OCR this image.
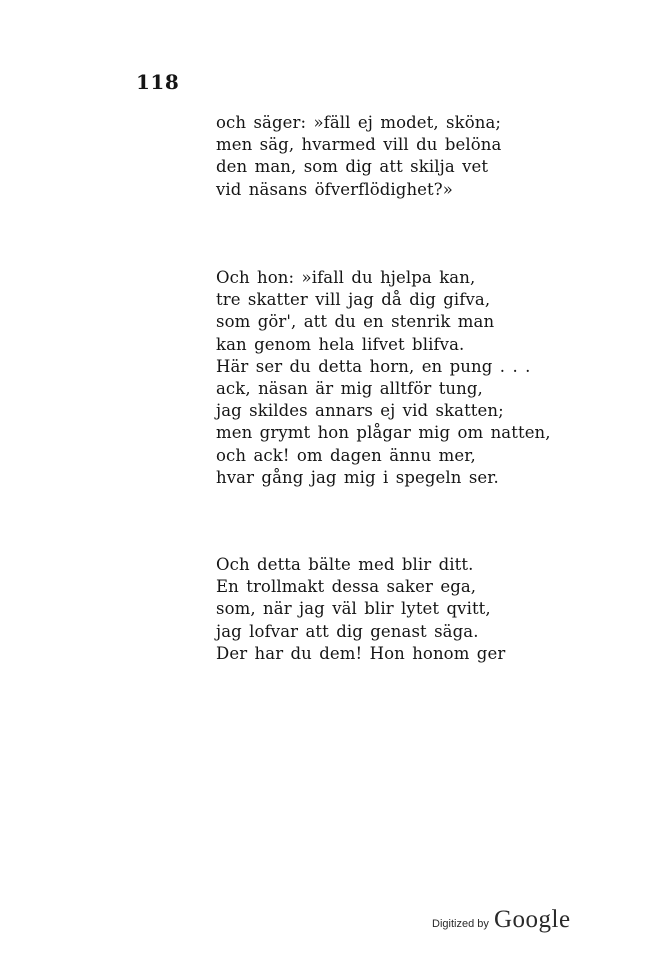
118
och säger: »fäll ej modet, sköna;
men säg, hvarmed vill du belöna
den man, som dig att skilja vet
vid näsans öfverflödighet?»
Och hon: »ifall du hjelpa kan,
tre skatter vill jag då dig gifva,
som gör', att du en stenrik man
kan genom hela lifvet blifva.
Här ser du detta horn, en pung . . .
ack, näsan är mig alltför tung,
jag skildes annars ej vid skatten;
men grymt hon plågar mig om natten,
och ack! om dagen ännu mer,
hvar gång jag mig i spegeln ser.
Och detta bälte med blir ditt.
En trollmakt dessa saker ega,
som, när jag väl blir lytet qvitt,
jag lofvar att dig genast säga.
Der har du dem! Hon honom ger
Digitized by Google
